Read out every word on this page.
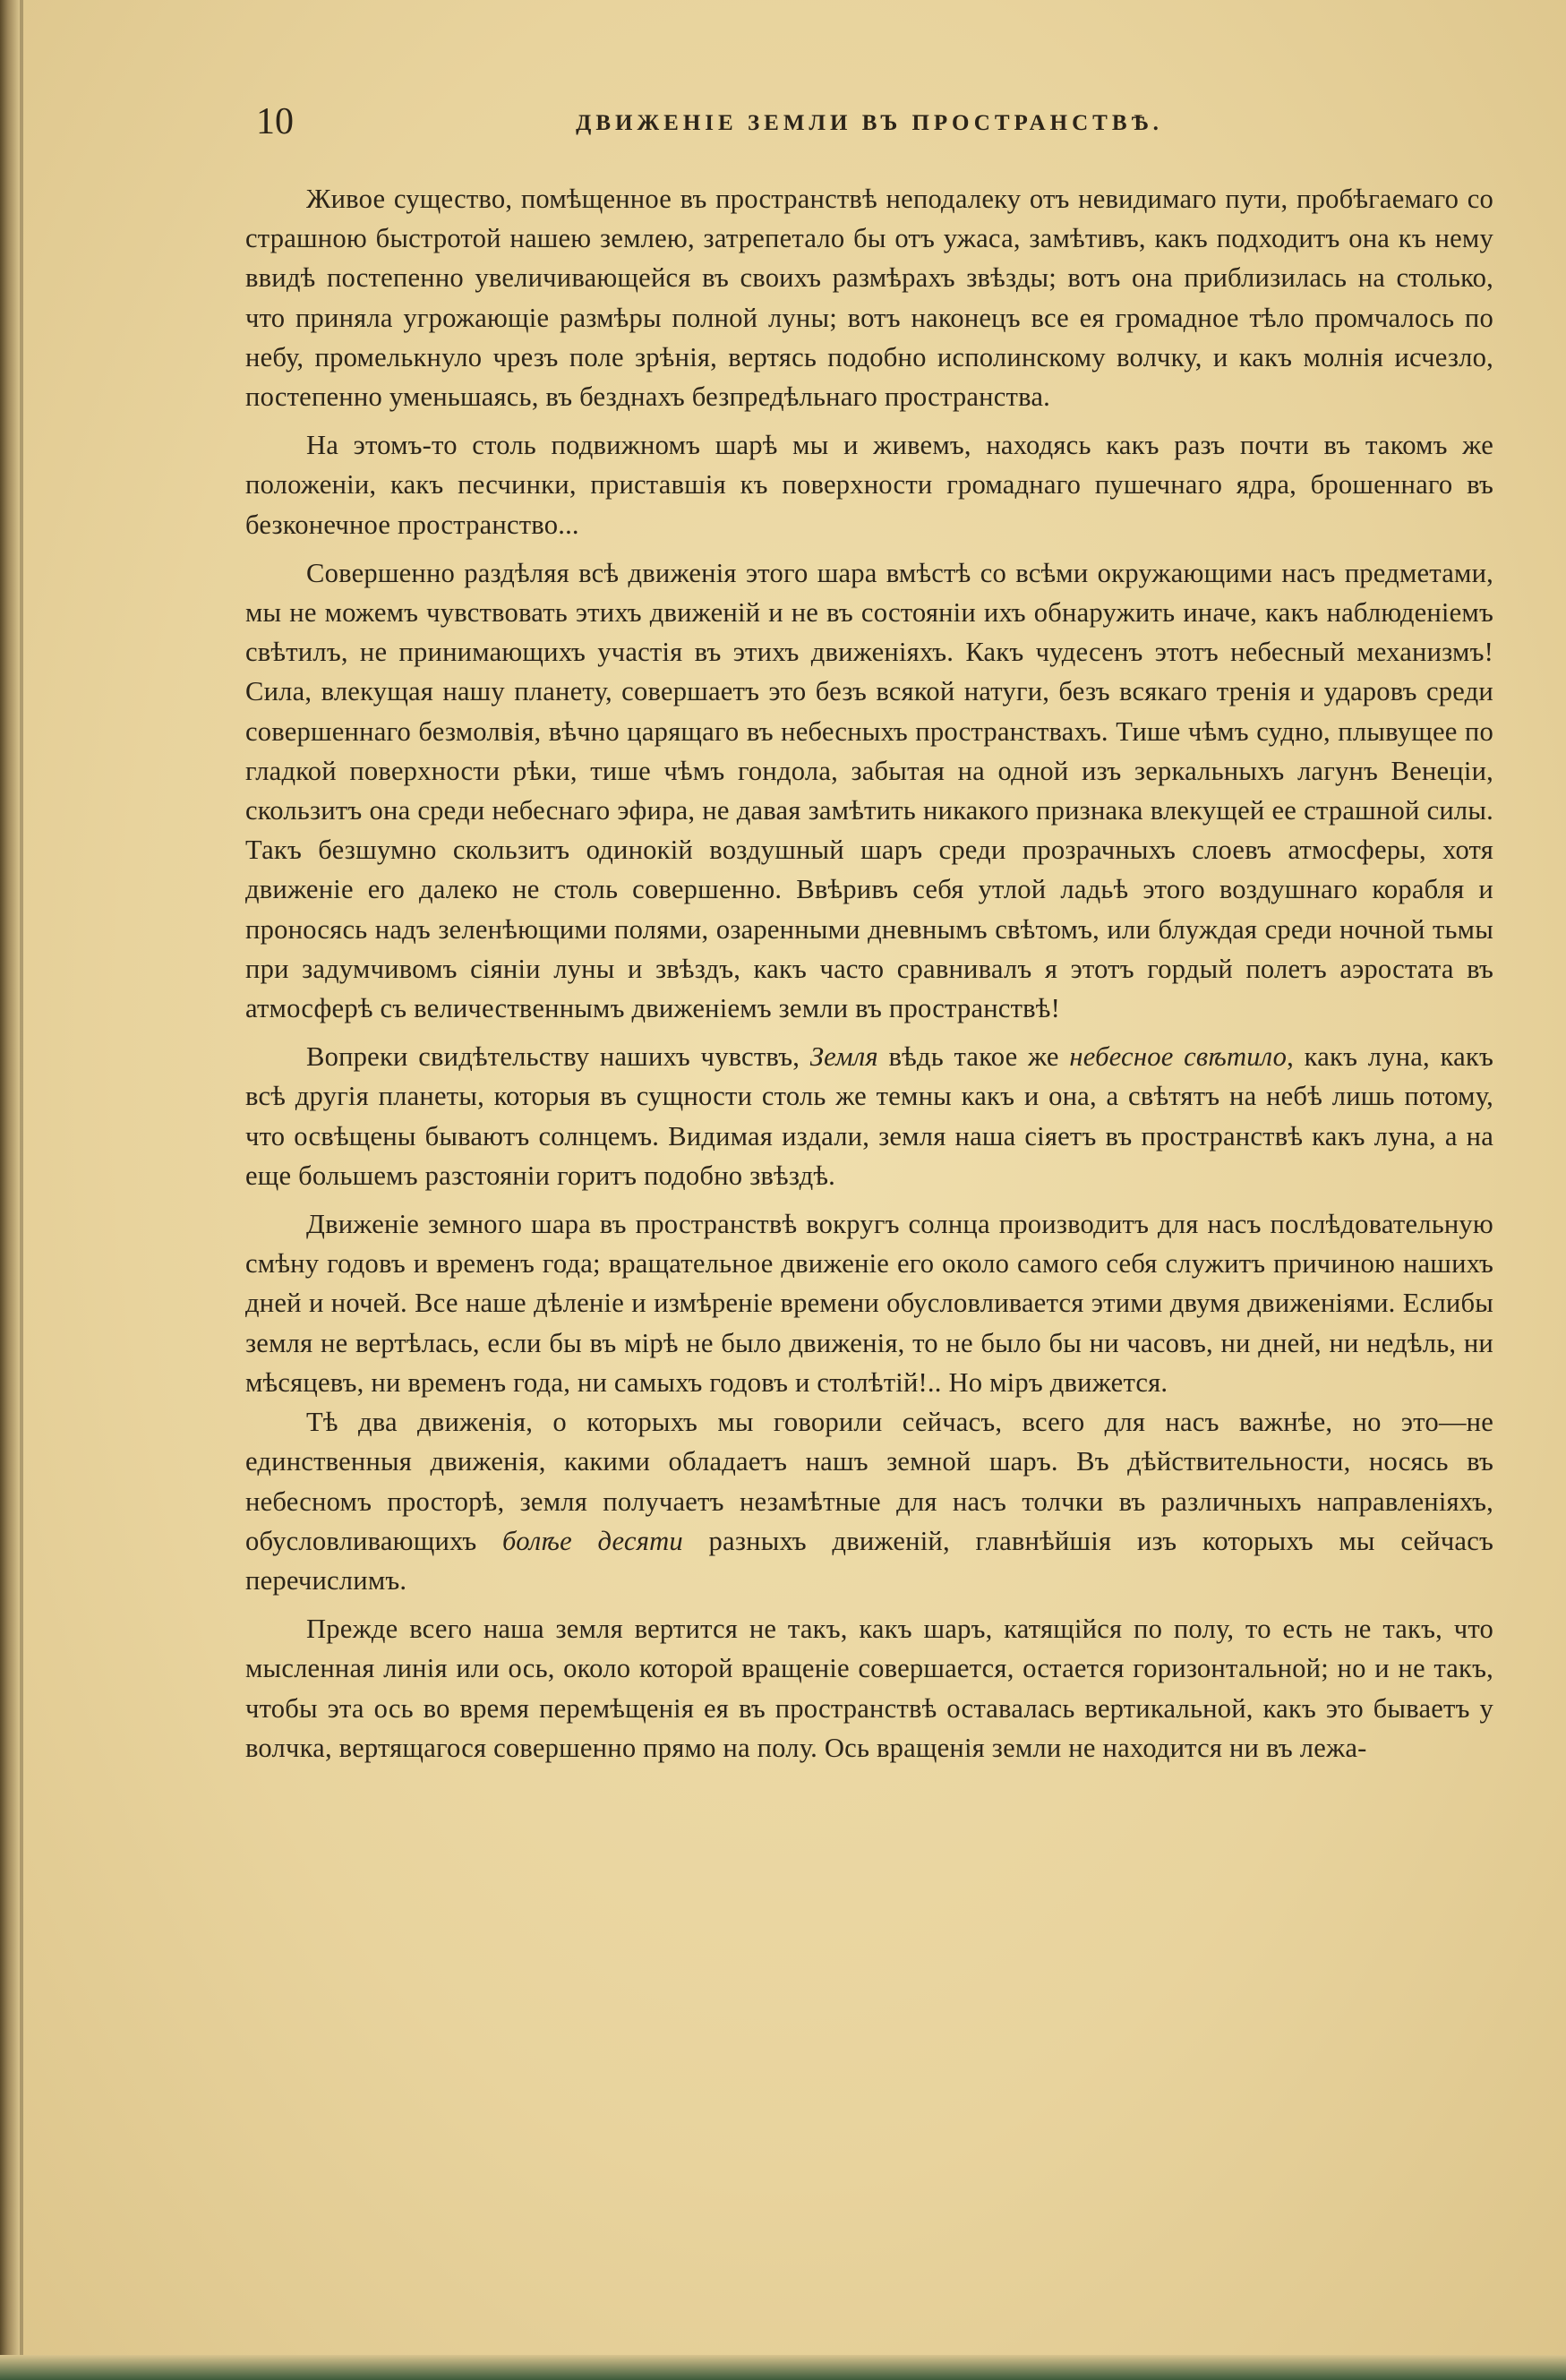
10	ДВИЖЕНІЕ ЗЕМЛИ ВЪ ПРОСТРАНСТВѢ.

Живое существо, помѣщенное въ пространствѣ неподалеку отъ невидимаго пути, пробѣгаемаго со страшною быстротой нашею землею, затрепетало бы отъ ужаса, замѣтивъ, какъ подходитъ она къ нему ввидѣ постепенно увеличивающейся въ своихъ размѣрахъ звѣзды; вотъ она приблизилась на столько, что приняла угрожающіе размѣры полной луны; вотъ наконецъ все ея громадное тѣло промчалось по небу, промелькнуло чрезъ поле зрѣнія, вертясь подобно исполинскому волчку, и какъ молнія исчезло, постепенно уменьшаясь, въ безднахъ безпредѣльнаго пространства.

На этомъ-то столь подвижномъ шарѣ мы и живемъ, находясь какъ разъ почти въ такомъ же положеніи, какъ песчинки, приставшія къ поверхности громаднаго пушечнаго ядра, брошеннаго въ безконечное пространство...

Совершенно раздѣляя всѣ движенія этого шара вмѣстѣ со всѣми окружающими насъ предметами, мы не можемъ чувствовать этихъ движеній и не въ состояніи ихъ обнаружить иначе, какъ наблюденіемъ свѣтилъ, не принимающихъ участія въ этихъ движеніяхъ. Какъ чудесенъ этотъ небесный механизмъ! Сила, влекущая нашу планету, совершаетъ это безъ всякой натуги, безъ всякаго тренія и ударовъ среди совершеннаго безмолвія, вѣчно царящаго въ небесныхъ пространствахъ. Тише чѣмъ судно, плывущее по гладкой поверхности рѣки, тише чѣмъ гондола, забытая на одной изъ зеркальныхъ лагунъ Венеціи, скользитъ она среди небеснаго эфира, не давая замѣтить никакого признака влекущей ее страшной силы. Такъ безшумно скользитъ одинокій воздушный шаръ среди прозрачныхъ слоевъ атмосферы, хотя движеніе его далеко не столь совершенно. Ввѣривъ себя утлой ладьѣ этого воздушнаго корабля и проносясь надъ зеленѣющими полями, озаренными дневнымъ свѣтомъ, или блуждая среди ночной тьмы при задумчивомъ сіяніи луны и звѣздъ, какъ часто сравнивалъ я этотъ гордый полетъ аэростата въ атмосферѣ съ величественнымъ движеніемъ земли въ пространствѣ!

Вопреки свидѣтельству нашихъ чувствъ, Земля вѣдь такое же небесное свѣтило, какъ луна, какъ всѣ другія планеты, которыя въ сущности столь же темны какъ и она, а свѣтятъ на небѣ лишь потому, что освѣщены бываютъ солнцемъ. Видимая издали, земля наша сіяетъ въ пространствѣ какъ луна, а на еще большемъ разстояніи горитъ подобно звѣздѣ.

Движеніе земного шара въ пространствѣ вокругъ солнца производитъ для насъ послѣдовательную смѣну годовъ и временъ года; вращательное движеніе его около самого себя служитъ причиною нашихъ дней и ночей. Все наше дѣленіе и измѣреніе времени обусловливается этими двумя движеніями. Еслибы земля не вертѣлась, если бы въ мірѣ не было движенія, то не было бы ни часовъ, ни дней, ни недѣль, ни мѣсяцевъ, ни временъ года, ни самыхъ годовъ и столѣтій!.. Но міръ движется.

Тѣ два движенія, о которыхъ мы говорили сейчасъ, всего для насъ важнѣе, но это—не единственныя движенія, какими обладаетъ нашъ земной шаръ. Въ дѣйствительности, носясь въ небесномъ просторѣ, земля получаетъ незамѣтные для насъ толчки въ различныхъ направленіяхъ, обусловливающихъ болѣе десяти разныхъ движеній, главнѣйшія изъ которыхъ мы сейчасъ перечислимъ.

Прежде всего наша земля вертится не такъ, какъ шаръ, катящійся по полу, то есть не такъ, что мысленная линія или ось, около которой вращеніе совершается, остается горизонтальной; но и не такъ, чтобы эта ось во время перемѣщенія ея въ пространствѣ оставалась вертикальной, какъ это бываетъ у волчка, вертящагося совершенно прямо на полу. Ось вращенія земли не находится ни въ лежа-
